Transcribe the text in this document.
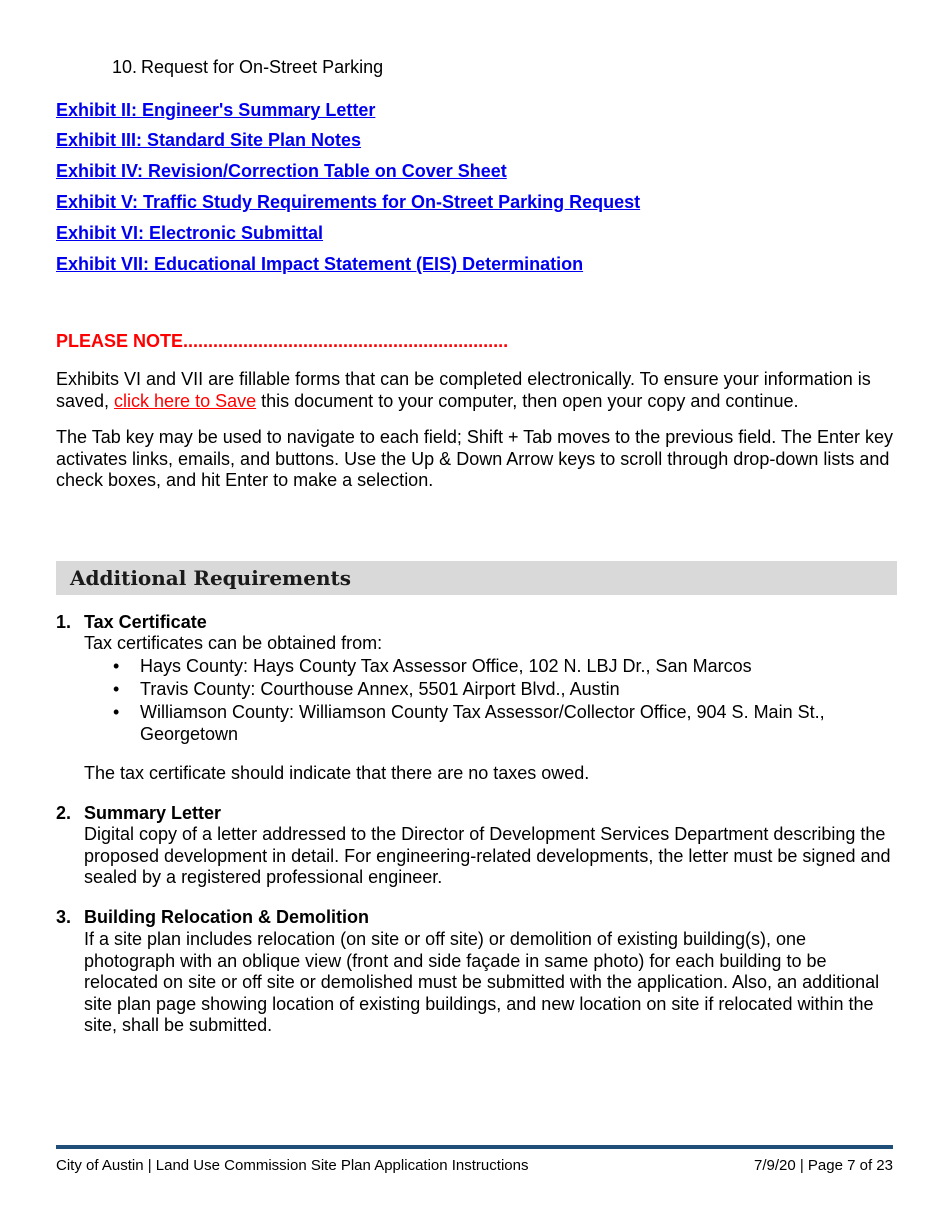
10. Request for On-Street Parking
Exhibit II: Engineer's Summary Letter
Exhibit III: Standard Site Plan Notes
Exhibit IV: Revision/Correction Table on Cover Sheet
Exhibit V: Traffic Study Requirements for On-Street Parking Request
Exhibit VI: Electronic Submittal
Exhibit VII: Educational Impact Statement (EIS) Determination
PLEASE NOTE.................................................................
Exhibits VI and VII are fillable forms that can be completed electronically. To ensure your information is saved, click here to Save this document to your computer, then open your copy and continue.
The Tab key may be used to navigate to each field; Shift + Tab moves to the previous field. The Enter key activates links, emails, and buttons. Use the Up & Down Arrow keys to scroll through drop-down lists and check boxes, and hit Enter to make a selection.
Additional Requirements
1. Tax Certificate
Tax certificates can be obtained from:
• Hays County: Hays County Tax Assessor Office, 102 N. LBJ Dr., San Marcos
• Travis County: Courthouse Annex, 5501 Airport Blvd., Austin
• Williamson County: Williamson County Tax Assessor/Collector Office, 904 S. Main St., Georgetown
The tax certificate should indicate that there are no taxes owed.
2. Summary Letter
Digital copy of a letter addressed to the Director of Development Services Department describing the proposed development in detail. For engineering-related developments, the letter must be signed and sealed by a registered professional engineer.
3. Building Relocation & Demolition
If a site plan includes relocation (on site or off site) or demolition of existing building(s), one photograph with an oblique view (front and side façade in same photo) for each building to be relocated on site or off site or demolished must be submitted with the application. Also, an additional site plan page showing location of existing buildings, and new location on site if relocated within the site, shall be submitted.
City of Austin | Land Use Commission Site Plan Application Instructions	7/9/20 | Page 7 of 23
